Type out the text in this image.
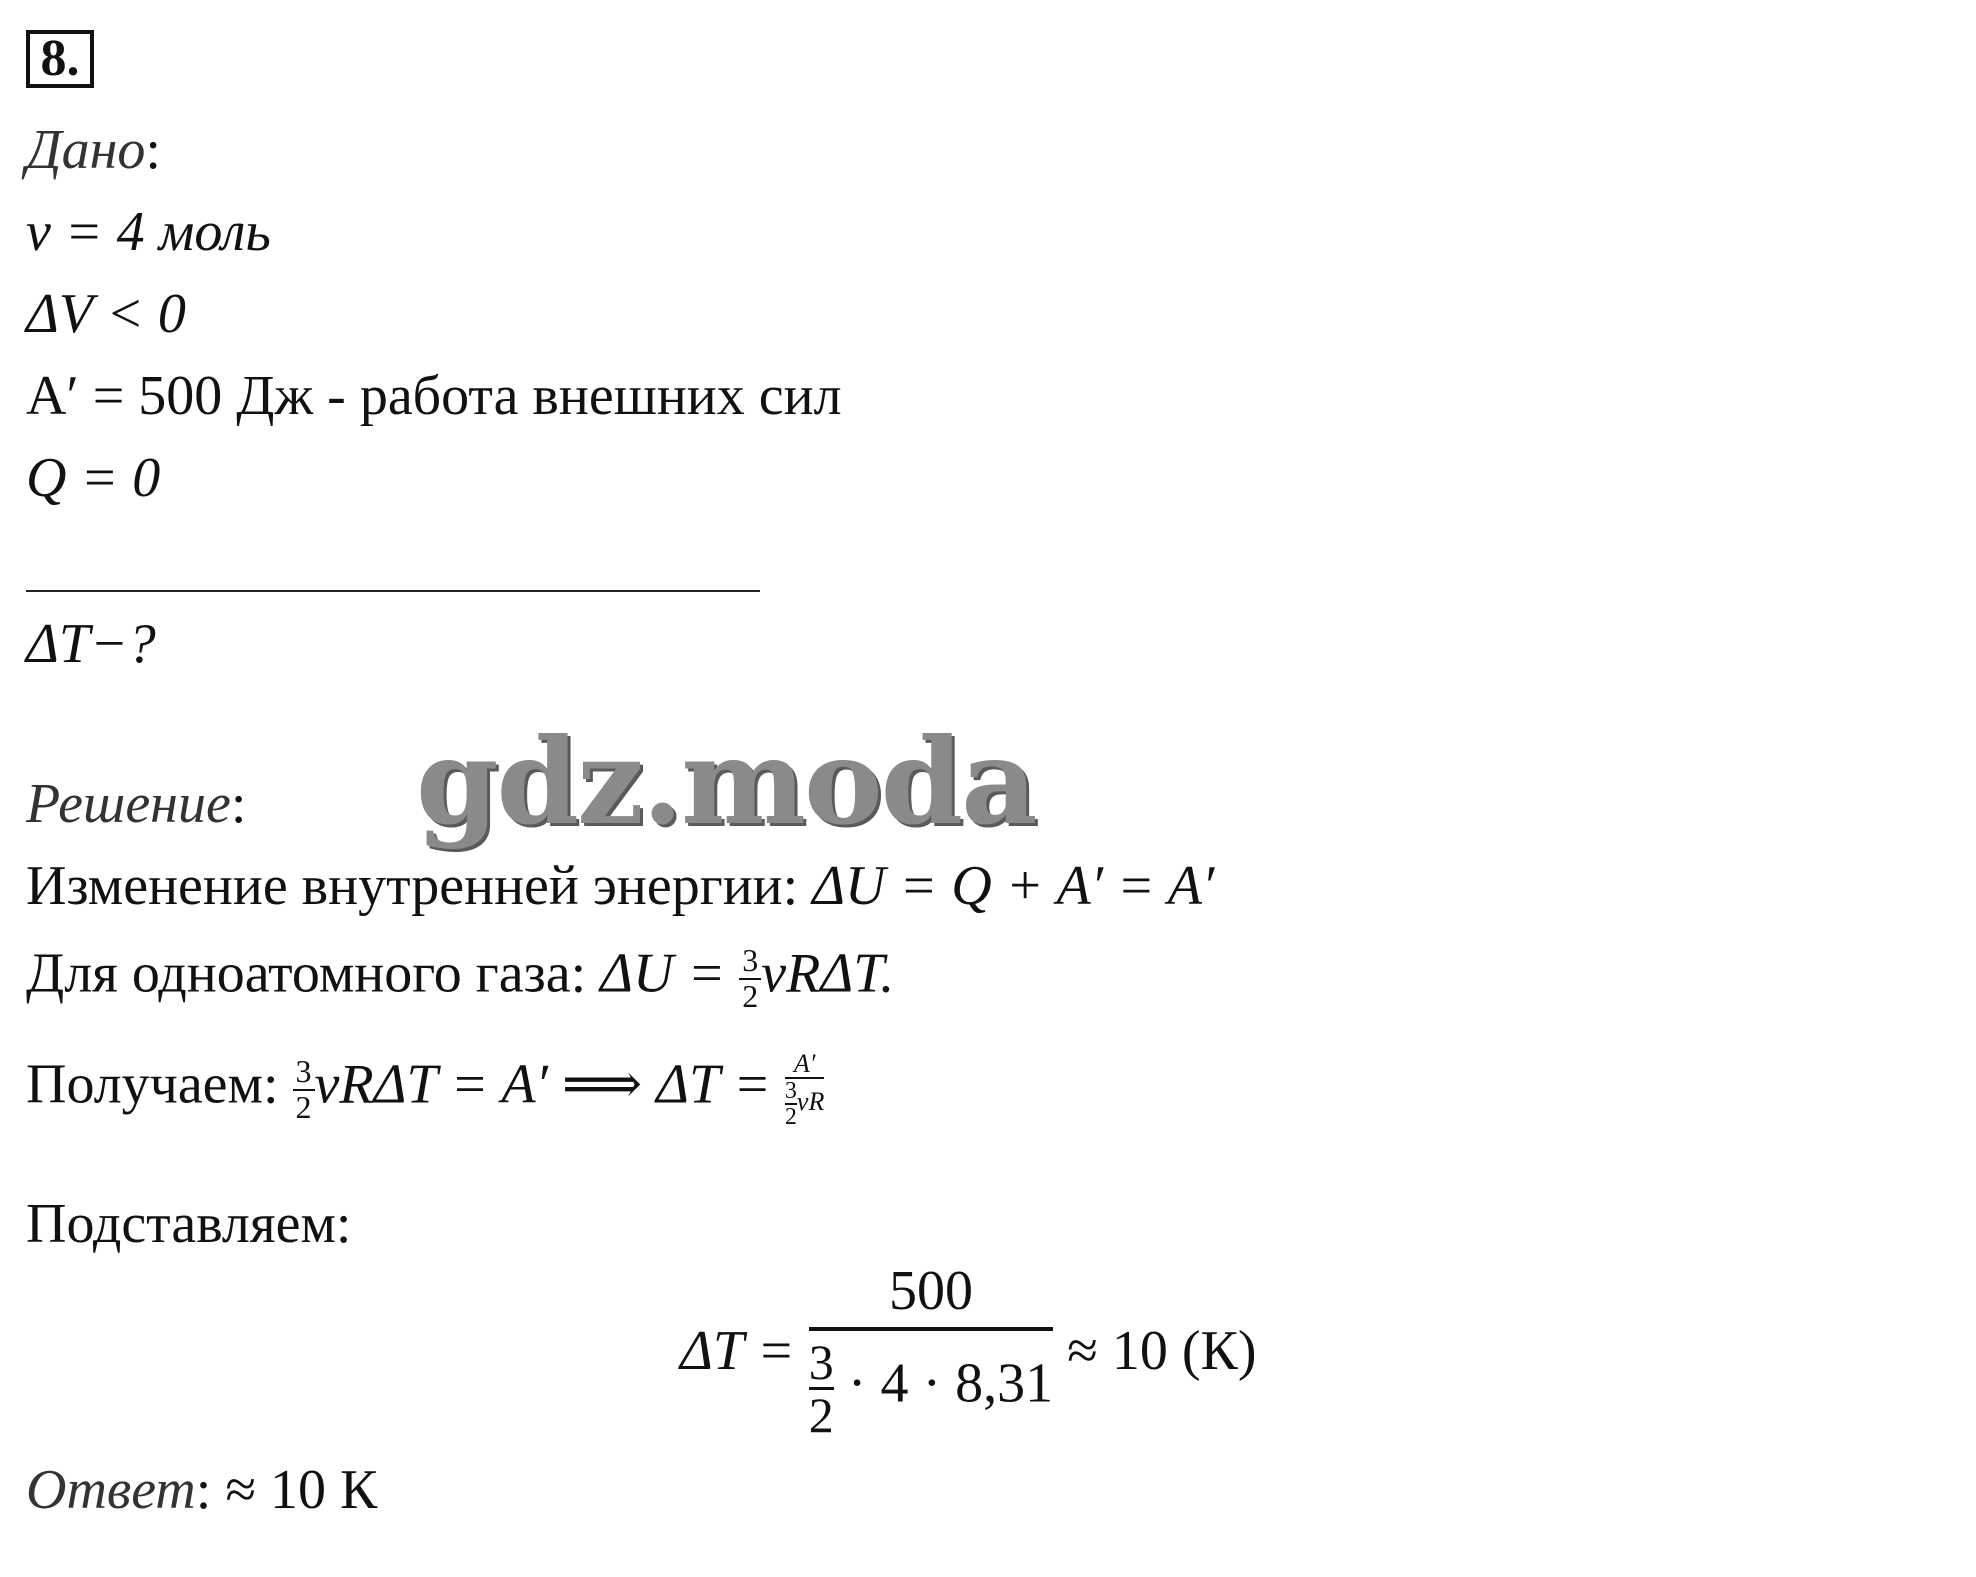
8.
Дано:
ν = 4 моль
ΔV < 0
A′ = 500 Дж - работа внешних сил
Q = 0
ΔT−?
gdz.moda
Решение:
Изменение внутренней энергии: ΔU = Q + A′ = A′
Для одноатомного газа: $\Delta U = \frac{3}{2} \nu R\Delta T$.
Получаем: $\frac{3}{2}$ νRΔT = A′ ⟹ $\Delta T = \frac{A'}{\frac{3}{2} \nu R}$
Подставляем:
$\Delta T = \frac{500}{\frac{3}{2} \cdot 4 \cdot 8,31} \approx 10$ (К)
Ответ: ≈ 10 К
